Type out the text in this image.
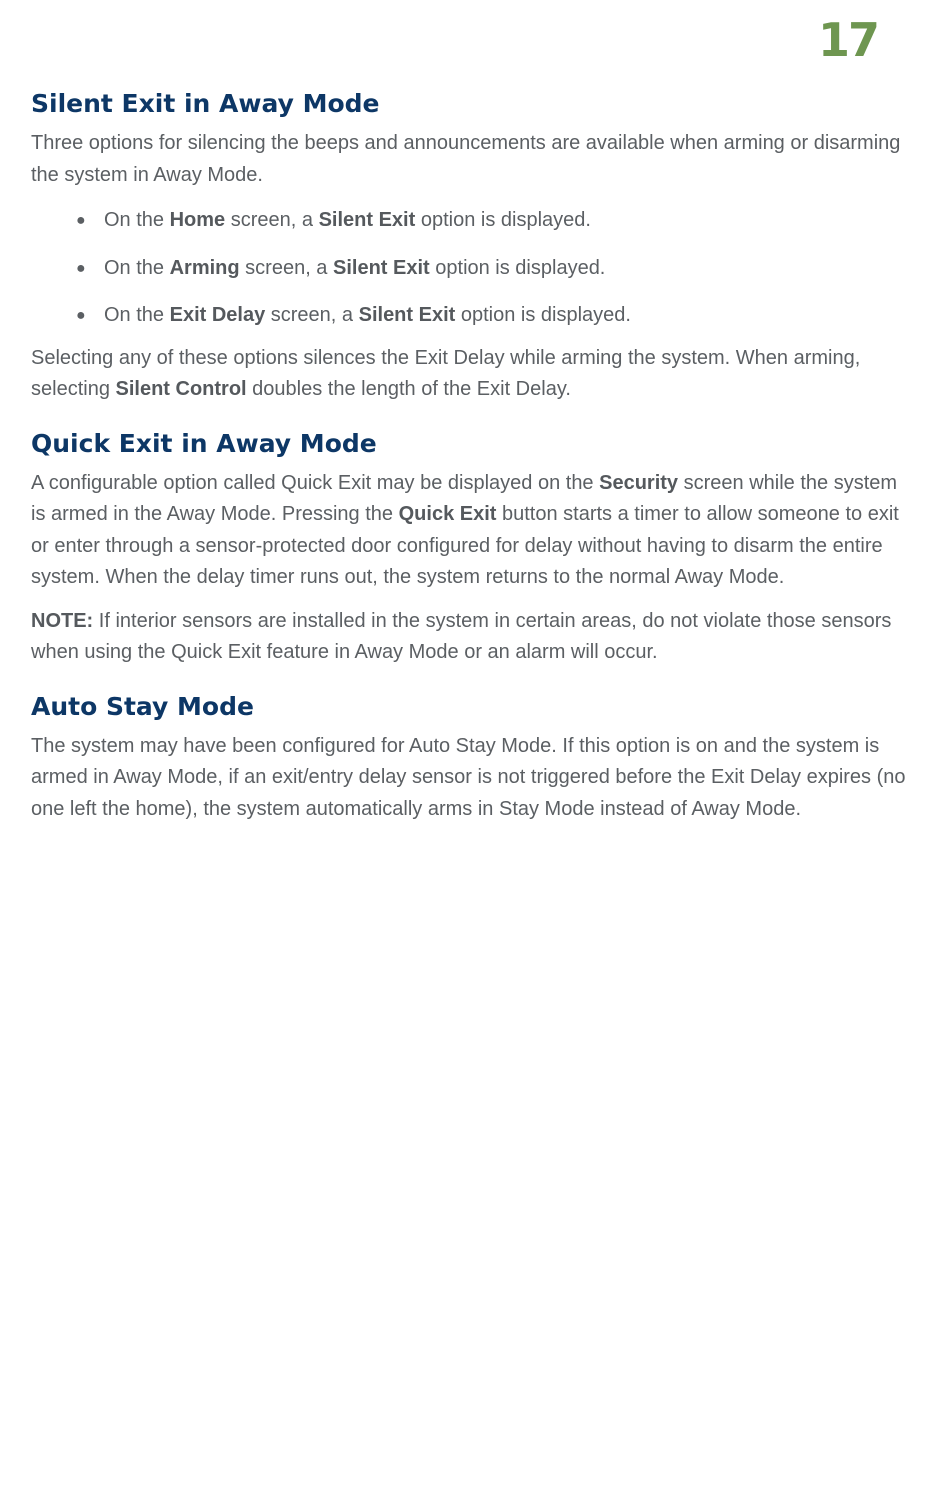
17
Silent Exit in Away Mode

Three options for silencing the beeps and announcements are available when arming or disarming the system in Away Mode.

● On the Home screen, a Silent Exit option is displayed.
● On the Arming screen, a Silent Exit option is displayed.
● On the Exit Delay screen, a Silent Exit option is displayed.

Selecting any of these options silences the Exit Delay while arming the system. When arming, selecting Silent Control doubles the length of the Exit Delay.

Quick Exit in Away Mode

A configurable option called Quick Exit may be displayed on the Security screen while the system is armed in the Away Mode. Pressing the Quick Exit button starts a timer to allow someone to exit or enter through a sensor-protected door configured for delay without having to disarm the entire system. When the delay timer runs out, the system returns to the normal Away Mode.

NOTE: If interior sensors are installed in the system in certain areas, do not violate those sensors when using the Quick Exit feature in Away Mode or an alarm will occur.

Auto Stay Mode

The system may have been configured for Auto Stay Mode. If this option is on and the system is armed in Away Mode, if an exit/entry delay sensor is not triggered before the Exit Delay expires (no one left the home), the system automatically arms in Stay Mode instead of Away Mode.
